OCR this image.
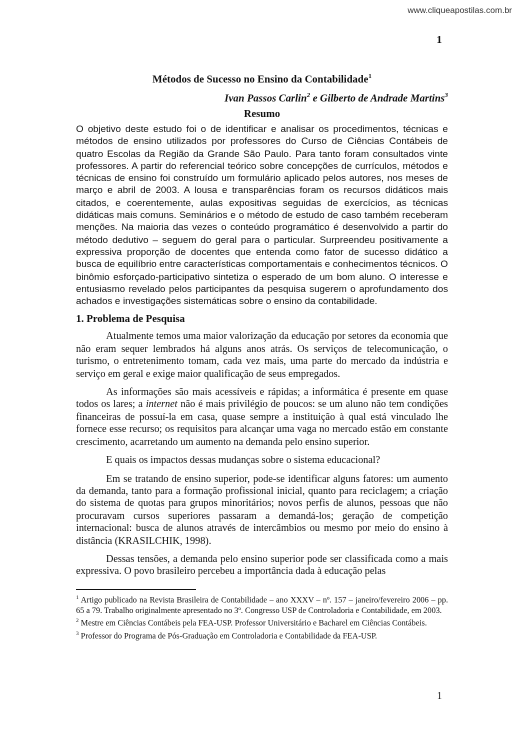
www.cliqueapostilas.com.br
1

Métodos de Sucesso no Ensino da Contabilidade$^1$

Ivan Passos Carlin$^2$ e Gilberto de Andrade Martins$^3$

Resumo

O objetivo deste estudo foi o de identificar e analisar os procedimentos, técnicas e métodos de ensino utilizados por professores do Curso de Ciências Contábeis de quatro Escolas da Região da Grande São Paulo. Para tanto foram consultados vinte professores. A partir do referencial teórico sobre concepções de currículos, métodos e técnicas de ensino foi construído um formulário aplicado pelos autores, nos meses de março e abril de 2003. A lousa e transparências foram os recursos didáticos mais citados, e coerentemente, aulas expositivas seguidas de exercícios, as técnicas didáticas mais comuns. Seminários e o método de estudo de caso também receberam menções. Na maioria das vezes o conteúdo programático é desenvolvido a partir do método dedutivo – seguem do geral para o particular. Surpreendeu positivamente a expressiva proporção de docentes que entenda como fator de sucesso didático a busca de equilíbrio entre características comportamentais e conhecimentos técnicos. O binômio esforçado-participativo sintetiza o esperado de um bom aluno. O interesse e entusiasmo revelado pelos participantes da pesquisa sugerem o aprofundamento dos achados e investigações sistemáticas sobre o ensino da contabilidade.

1. Problema de Pesquisa

Atualmente temos uma maior valorização da educação por setores da economia que não eram sequer lembrados há alguns anos atrás. Os serviços de telecomunicação, o turismo, o entretenimento tomam, cada vez mais, uma parte do mercado da indústria e serviço em geral e exige maior qualificação de seus empregados.

As informações são mais acessíveis e rápidas; a informática é presente em quase todos os lares; a internet não é mais privilégio de poucos: se um aluno não tem condições financeiras de possuí-la em casa, quase sempre a instituição à qual está vinculado lhe fornece esse recurso; os requisitos para alcançar uma vaga no mercado estão em constante crescimento, acarretando um aumento na demanda pelo ensino superior.

E quais os impactos dessas mudanças sobre o sistema educacional?

Em se tratando de ensino superior, pode-se identificar alguns fatores: um aumento da demanda, tanto para a formação profissional inicial, quanto para reciclagem; a criação do sistema de quotas para grupos minoritários; novos perfis de alunos, pessoas que não procuravam cursos superiores passaram a demandá-los; geração de competição internacional: busca de alunos através de intercâmbios ou mesmo por meio do ensino à distância (KRASILCHIK, 1998).

Dessas tensões, a demanda pelo ensino superior pode ser classificada como a mais expressiva. O povo brasileiro percebeu a importância dada à educação pelas

$^1$ Artigo publicado na Revista Brasileira de Contabilidade – ano XXXV – nº. 157 – janeiro/fevereiro 2006 – pp. 65 a 79. Trabalho originalmente apresentado no 3º. Congresso USP de Controladoria e Contabilidade, em 2003.

$^2$ Mestre em Ciências Contábeis pela FEA-USP. Professor Universitário e Bacharel em Ciências Contábeis.

$^3$ Professor do Programa de Pós-Graduação em Controladoria e Contabilidade da FEA-USP.

1
